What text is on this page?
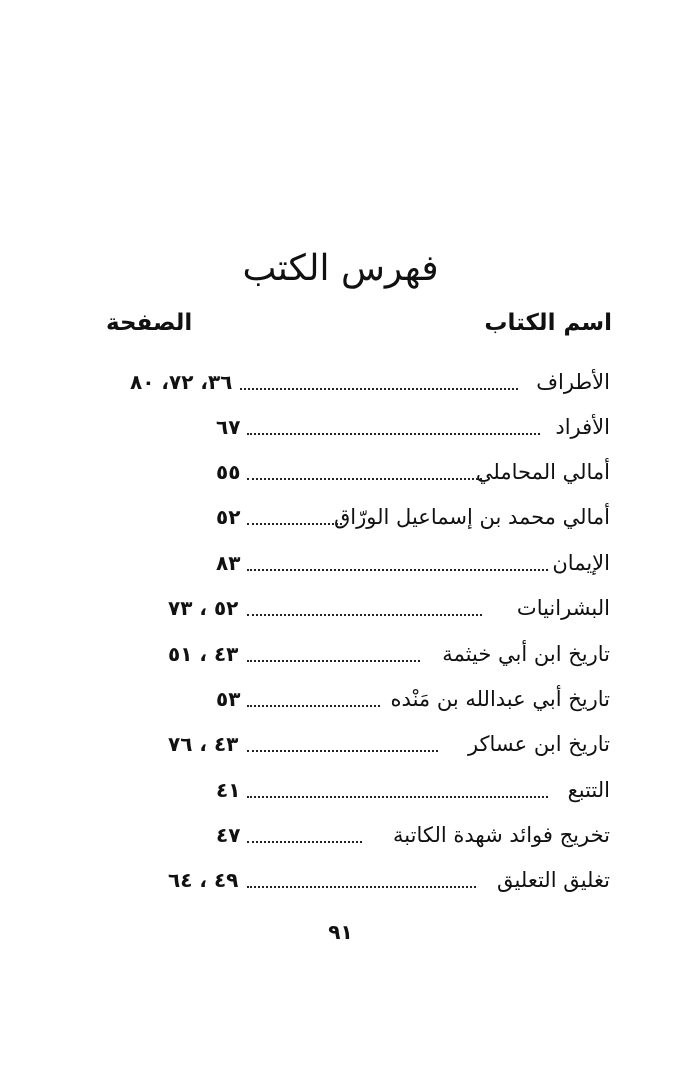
فهرس الكتب
اسم الكتاب
الصفحة
الأطراف
٣٦، ٧٢، ٨٠
الأفراد
٦٧
أمالي المحاملي
٥٥
أمالي محمد بن إسماعيل الورّاق
٥٢
الإيمان
٨٣
البشرانيات
٥٢ ، ٧٣
تاريخ ابن أبي خيثمة
٤٣ ، ٥١
تاريخ أبي عبدالله بن مَنْده
٥٣
تاريخ ابن عساكر
٤٣ ، ٧٦
التتبع
٤١
تخريج فوائد شهدة الكاتبة
٤٧
تغليق التعليق
٤٩ ، ٦٤
٩١
